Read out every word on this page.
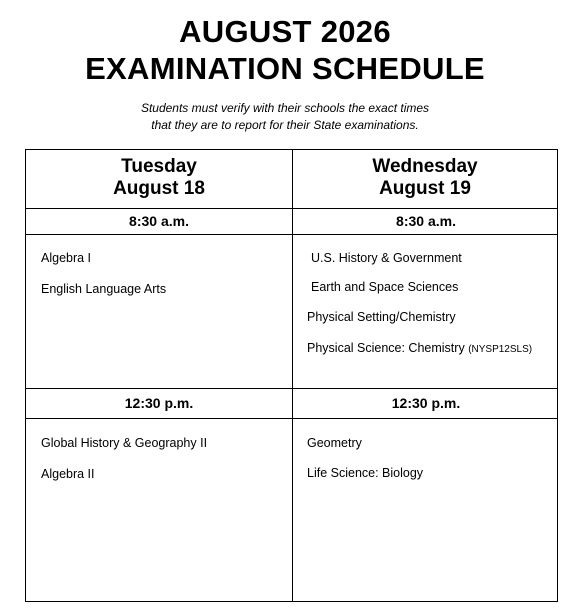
AUGUST 2026
EXAMINATION SCHEDULE
Students must verify with their schools the exact times
that they are to report for their State examinations.
Tuesday
August 18
Wednesday
August 19
8:30 a.m.	8:30 a.m.
Algebra I
English Language Arts
U.S. History & Government
Earth and Space Sciences
Physical Setting/Chemistry
Physical Science: Chemistry (NYSP12SLS)
12:30 p.m.	12:30 p.m.
Global History & Geography II
Algebra II
Geometry
Life Science: Biology
